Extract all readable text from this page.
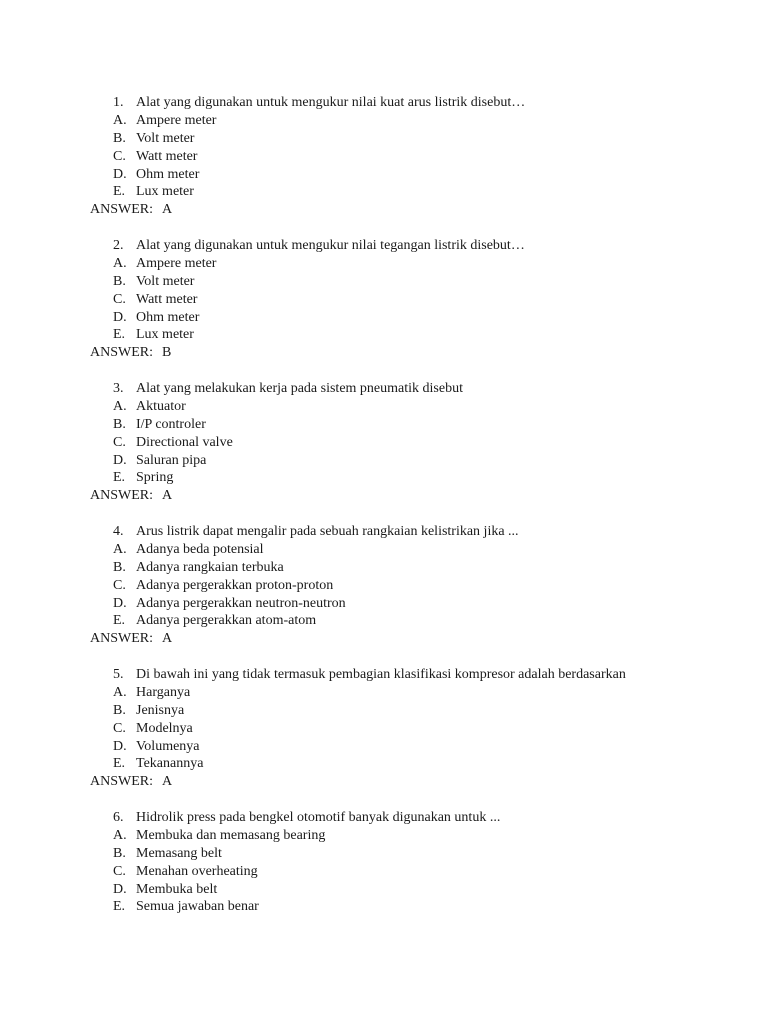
1. Alat yang digunakan untuk mengukur nilai kuat arus listrik disebut…
A. Ampere meter
B. Volt meter
C. Watt meter
D. Ohm meter
E. Lux meter
ANSWER: A
2. Alat yang digunakan untuk mengukur nilai tegangan listrik disebut…
A. Ampere meter
B. Volt meter
C. Watt meter
D. Ohm meter
E. Lux meter
ANSWER: B
3. Alat yang melakukan kerja pada sistem pneumatik disebut
A. Aktuator
B. I/P controler
C. Directional valve
D. Saluran pipa
E. Spring
ANSWER: A
4. Arus listrik dapat mengalir pada sebuah rangkaian kelistrikan jika ...
A. Adanya beda potensial
B. Adanya rangkaian terbuka
C. Adanya pergerakkan proton-proton
D. Adanya pergerakkan neutron-neutron
E. Adanya pergerakkan atom-atom
ANSWER: A
5. Di bawah ini yang tidak termasuk pembagian klasifikasi kompresor adalah berdasarkan
A. Harganya
B. Jenisnya
C. Modelnya
D. Volumenya
E. Tekanannya
ANSWER: A
6. Hidrolik press pada bengkel otomotif banyak digunakan untuk ...
A. Membuka dan memasang bearing
B. Memasang belt
C. Menahan overheating
D. Membuka belt
E. Semua jawaban benar
